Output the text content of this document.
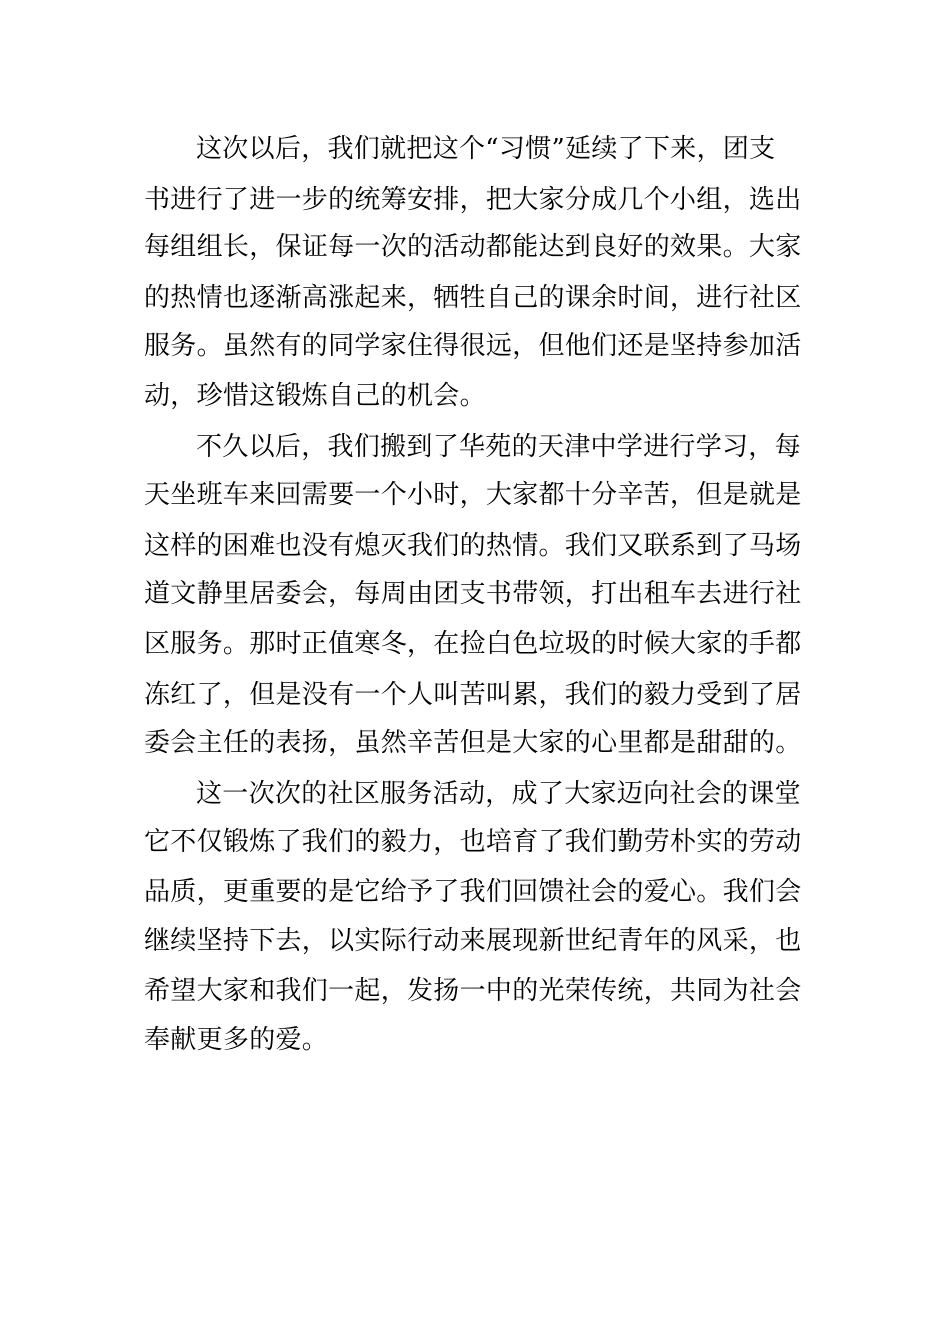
这次以后，我们就把这个“习惯”延续了下来，团支
书进行了进一步的统筹安排，把大家分成几个小组，选出
每组组长，保证每一次的活动都能达到良好的效果。大家
的热情也逐渐高涨起来，牺牲自己的课余时间，进行社区
服务。虽然有的同学家住得很远，但他们还是坚持参加活
动，珍惜这锻炼自己的机会。
不久以后，我们搬到了华苑的天津中学进行学习，每
天坐班车来回需要一个小时，大家都十分辛苦，但是就是
这样的困难也没有熄灭我们的热情。我们又联系到了马场
道文静里居委会，每周由团支书带领，打出租车去进行社
区服务。那时正值寒冬，在捡白色垃圾的时候大家的手都
冻红了，但是没有一个人叫苦叫累，我们的毅力受到了居
委会主任的表扬，虽然辛苦但是大家的心里都是甜甜的。
这一次次的社区服务活动，成了大家迈向社会的课堂
它不仅锻炼了我们的毅力，也培育了我们勤劳朴实的劳动
品质，更重要的是它给予了我们回馈社会的爱心。我们会
继续坚持下去，以实际行动来展现新世纪青年的风采，也
希望大家和我们一起，发扬一中的光荣传统，共同为社会
奉献更多的爱。
